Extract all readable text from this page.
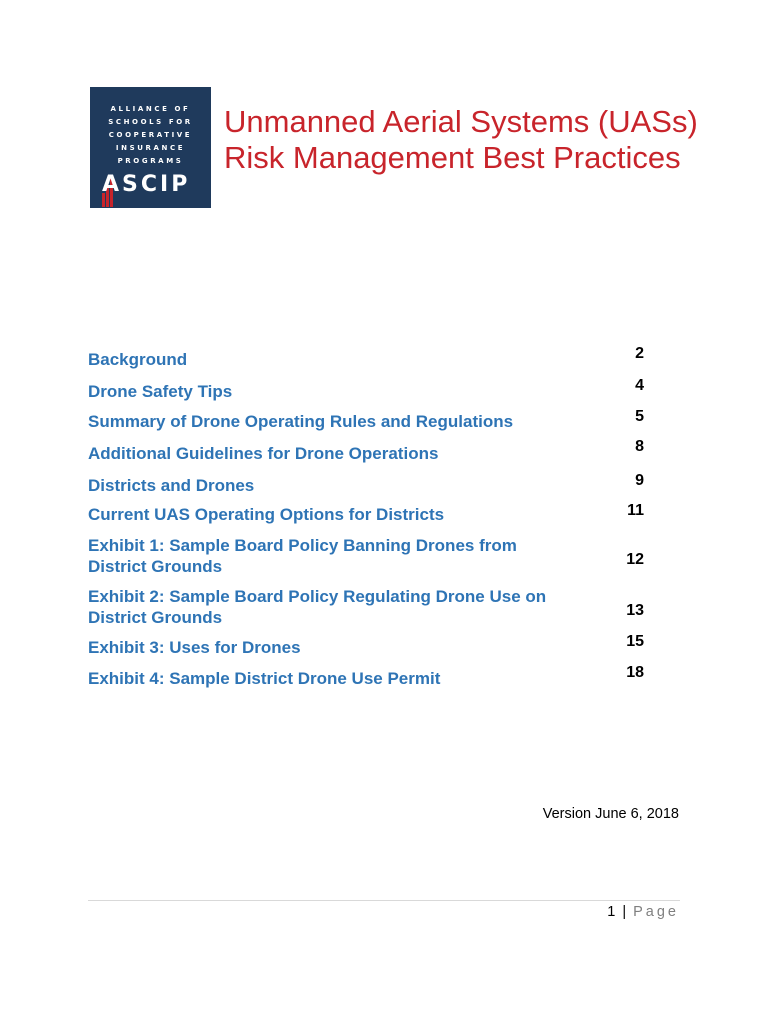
ALLIANCE OF
SCHOOLS FOR
COOPERATIVE
INSURANCE
PROGRAMS
ASCIP
Unmanned Aerial Systems (UASs) Risk Management Best Practices
Background	2
Drone Safety Tips	4
Summary of Drone Operating Rules and Regulations	5
Additional Guidelines for Drone Operations	8
Districts and Drones	9
Current UAS Operating Options for Districts	11
Exhibit 1: Sample Board Policy Banning Drones from District Grounds	12
Exhibit 2: Sample Board Policy Regulating Drone Use on District Grounds	13
Exhibit 3: Uses for Drones	15
Exhibit 4: Sample District Drone Use Permit	18
Version June 6, 2018
1 | Page
